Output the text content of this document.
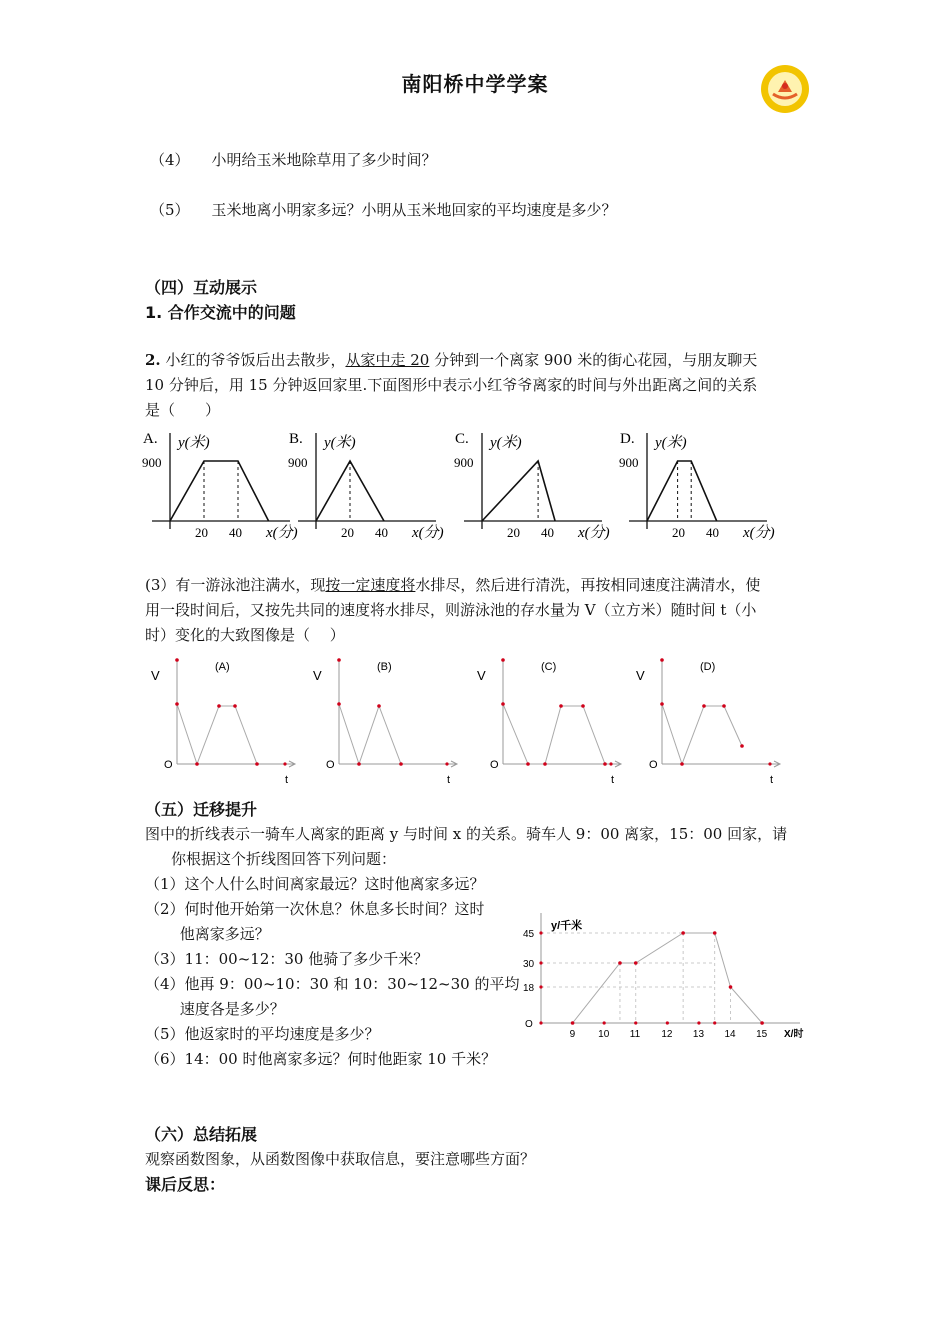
南阳桥中学学案
（4） 小明给玉米地除草用了多少时间？
（5） 玉米地离小明家多远？小明从玉米地回家的平均速度是多少？
（四）互动展示
1. 合作交流中的问题
2. 小红的爷爷饭后出去散步，从家中走 20 分钟到一个离家 900 米的街心花园，与朋友聊天
10 分钟后，用 15 分钟返回家里.下面图形中表示小红爷爷离家的时间与外出距离之间的关系
是（　　）
A. y(米)
900
x(分)
20 40
B. y(米)
900
x(分)
20 40
C. y(米)
900
x(分)
20 40
D. y(米)
900
x(分)
20 40
(3）有一游泳池注满水，现按一定速度将水排尽，然后进行清洗，再按相同速度注满清水，使
用一段时间后，又按先共同的速度将水排尽，则游泳池的存水量为 V（立方米）随时间 t（小
时）变化的大致图像是（　 ）
V
(A)
O
t
V
(B)
O
t
V
(C)
O
t
V
(D)
O
t
（五）迁移提升
图中的折线表示一骑车人离家的距离 y 与时间 x 的关系。骑车人 9：00 离家，15：00 回家，请
你根据这个折线图回答下列问题：
（1）这个人什么时间离家最远？这时他离家多远？
（2）何时他开始第一次休息？休息多长时间？这时
　　 他离家多远？
（3）11：00~12：30 他骑了多少千米？
（4）他再 9：00~10：30 和 10：30~12~30 的平均
　　 速度各是多少？
（5）他返家时的平均速度是多少？
（6）14：00 时他离家多远？何时他距家 10 千米？
y/千米
X/时
O
18
30
45
9 10 11 12 13 14 15
（六）总结拓展
观察函数图象，从函数图像中获取信息，要注意哪些方面？
课后反思：
